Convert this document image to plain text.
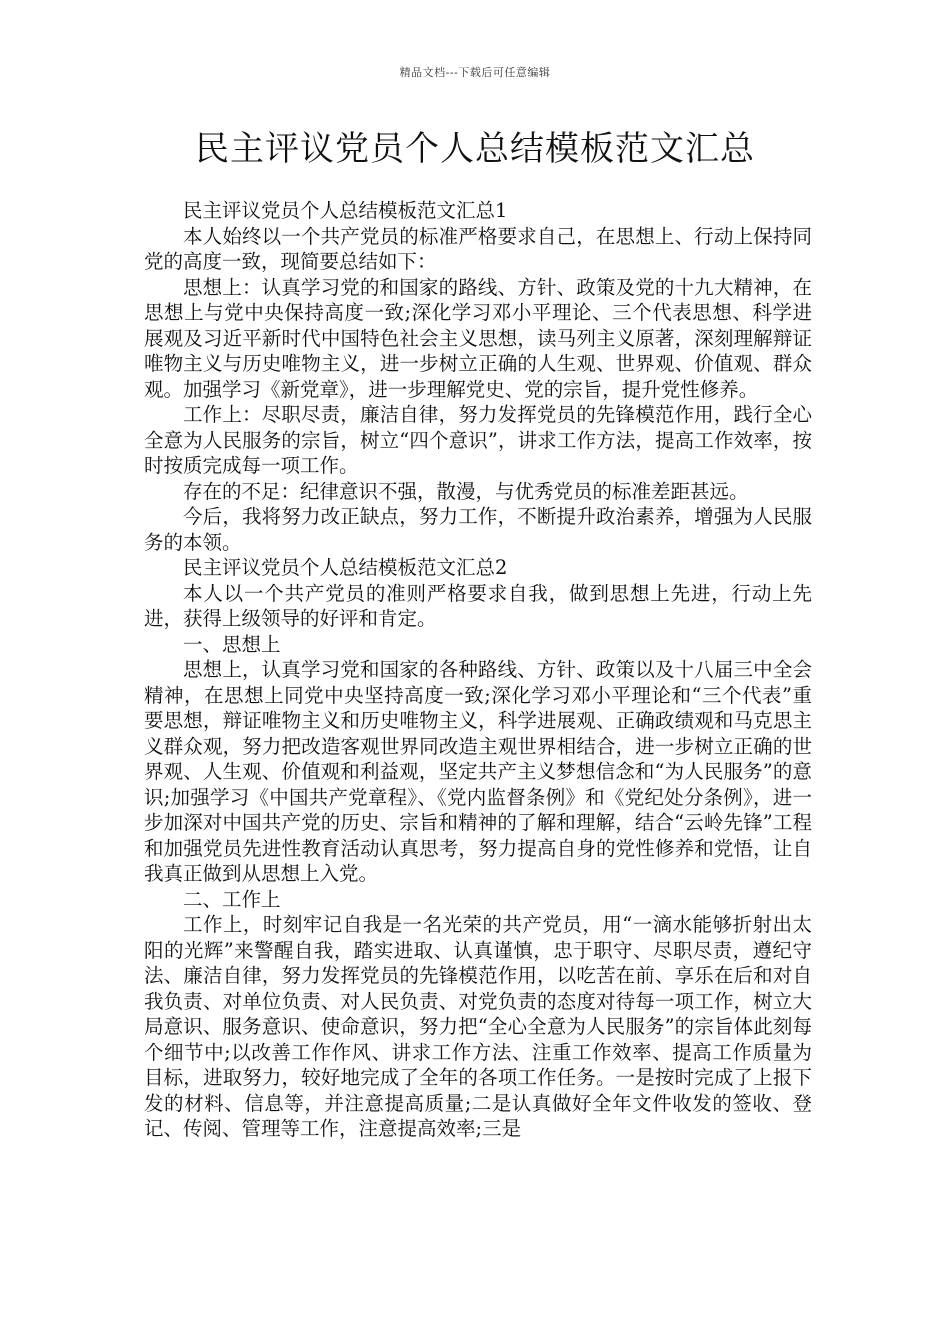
精品文档---下载后可任意编辑
民主评议党员个人总结模板范文汇总

民主评议党员个人总结模板范文汇总1

本人始终以一个共产党员的标准严格要求自己，在思想上、行动上保持同党的高度一致，现简要总结如下：

思想上：认真学习党的和国家的路线、方针、政策及党的十九大精神，在思想上与党中央保持高度一致;深化学习邓小平理论、三个代表思想、科学进展观及习近平新时代中国特色社会主义思想，读马列主义原著，深刻理解辩证唯物主义与历史唯物主义，进一步树立正确的人生观、世界观、价值观、群众观。加强学习《新党章》，进一步理解党史、党的宗旨，提升党性修养。

工作上：尽职尽责，廉洁自律，努力发挥党员的先锋模范作用，践行全心全意为人民服务的宗旨，树立“四个意识”，讲求工作方法，提高工作效率，按时按质完成每一项工作。

存在的不足：纪律意识不强，散漫，与优秀党员的标准差距甚远。

今后，我将努力改正缺点，努力工作，不断提升政治素养，增强为人民服务的本领。

民主评议党员个人总结模板范文汇总2

本人以一个共产党员的准则严格要求自我，做到思想上先进，行动上先进，获得上级领导的好评和肯定。

一、思想上

思想上，认真学习党和国家的各种路线、方针、政策以及十八届三中全会精神，在思想上同党中央坚持高度一致;深化学习邓小平理论和“三个代表”重要思想，辩证唯物主义和历史唯物主义，科学进展观、正确政绩观和马克思主义群众观，努力把改造客观世界同改造主观世界相结合，进一步树立正确的世界观、人生观、价值观和利益观，坚定共产主义梦想信念和“为人民服务”的意识;加强学习《中国共产党章程》、《党内监督条例》和《党纪处分条例》，进一步加深对中国共产党的历史、宗旨和精神的了解和理解，结合“云岭先锋”工程和加强党员先进性教育活动认真思考，努力提高自身的党性修养和党悟，让自我真正做到从思想上入党。

二、工作上

工作上，时刻牢记自我是一名光荣的共产党员，用“一滴水能够折射出太阳的光辉”来警醒自我，踏实进取、认真谨慎，忠于职守、尽职尽责，遵纪守法、廉洁自律，努力发挥党员的先锋模范作用，以吃苦在前、享乐在后和对自我负责、对单位负责、对人民负责、对党负责的态度对待每一项工作，树立大局意识、服务意识、使命意识，努力把“全心全意为人民服务”的宗旨体此刻每个细节中;以改善工作作风、讲求工作方法、注重工作效率、提高工作质量为目标，进取努力，较好地完成了全年的各项工作任务。一是按时完成了上报下发的材料、信息等，并注意提高质量;二是认真做好全年文件收发的签收、登记、传阅、管理等工作，注意提高效率;三是
